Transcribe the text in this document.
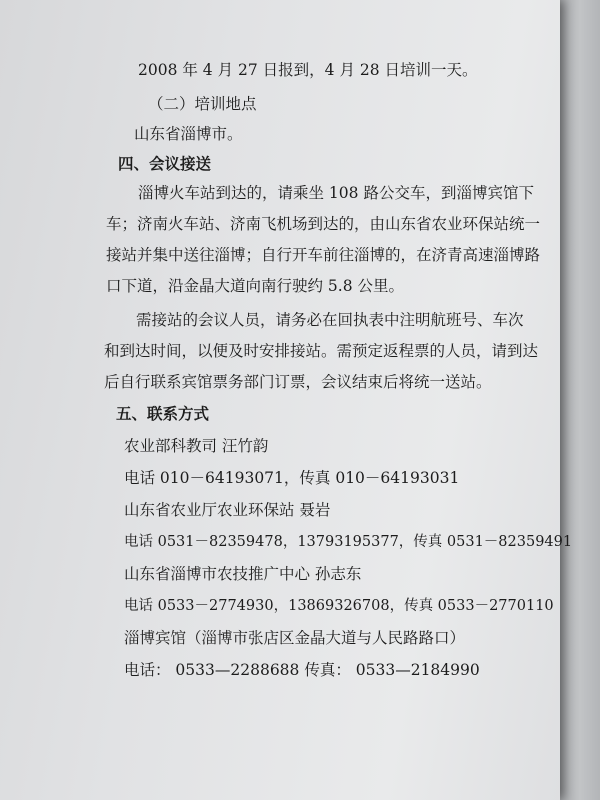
2008 年 4 月 27 日报到，4 月 28 日培训一天。
（二）培训地点
山东省淄博市。
四、会议接送
淄博火车站到达的，请乘坐 108 路公交车，到淄博宾馆下
车；济南火车站、济南飞机场到达的，由山东省农业环保站统一
接站并集中送往淄博；自行开车前往淄博的，在济青高速淄博路
口下道，沿金晶大道向南行驶约 5.8 公里。
需接站的会议人员，请务必在回执表中注明航班号、车次
和到达时间，以便及时安排接站。需预定返程票的人员，请到达
后自行联系宾馆票务部门订票，会议结束后将统一送站。
五、联系方式
农业部科教司 汪竹韵
电话 010－64193071，传真 010－64193031
山东省农业厅农业环保站 聂岩
电话 0531－82359478，13793195377，传真 0531－82359491
山东省淄博市农技推广中心 孙志东
电话 0533－2774930，13869326708，传真 0533－2770110
淄博宾馆（淄博市张店区金晶大道与人民路路口）
电话： 0533—2288688 传真： 0533—2184990
